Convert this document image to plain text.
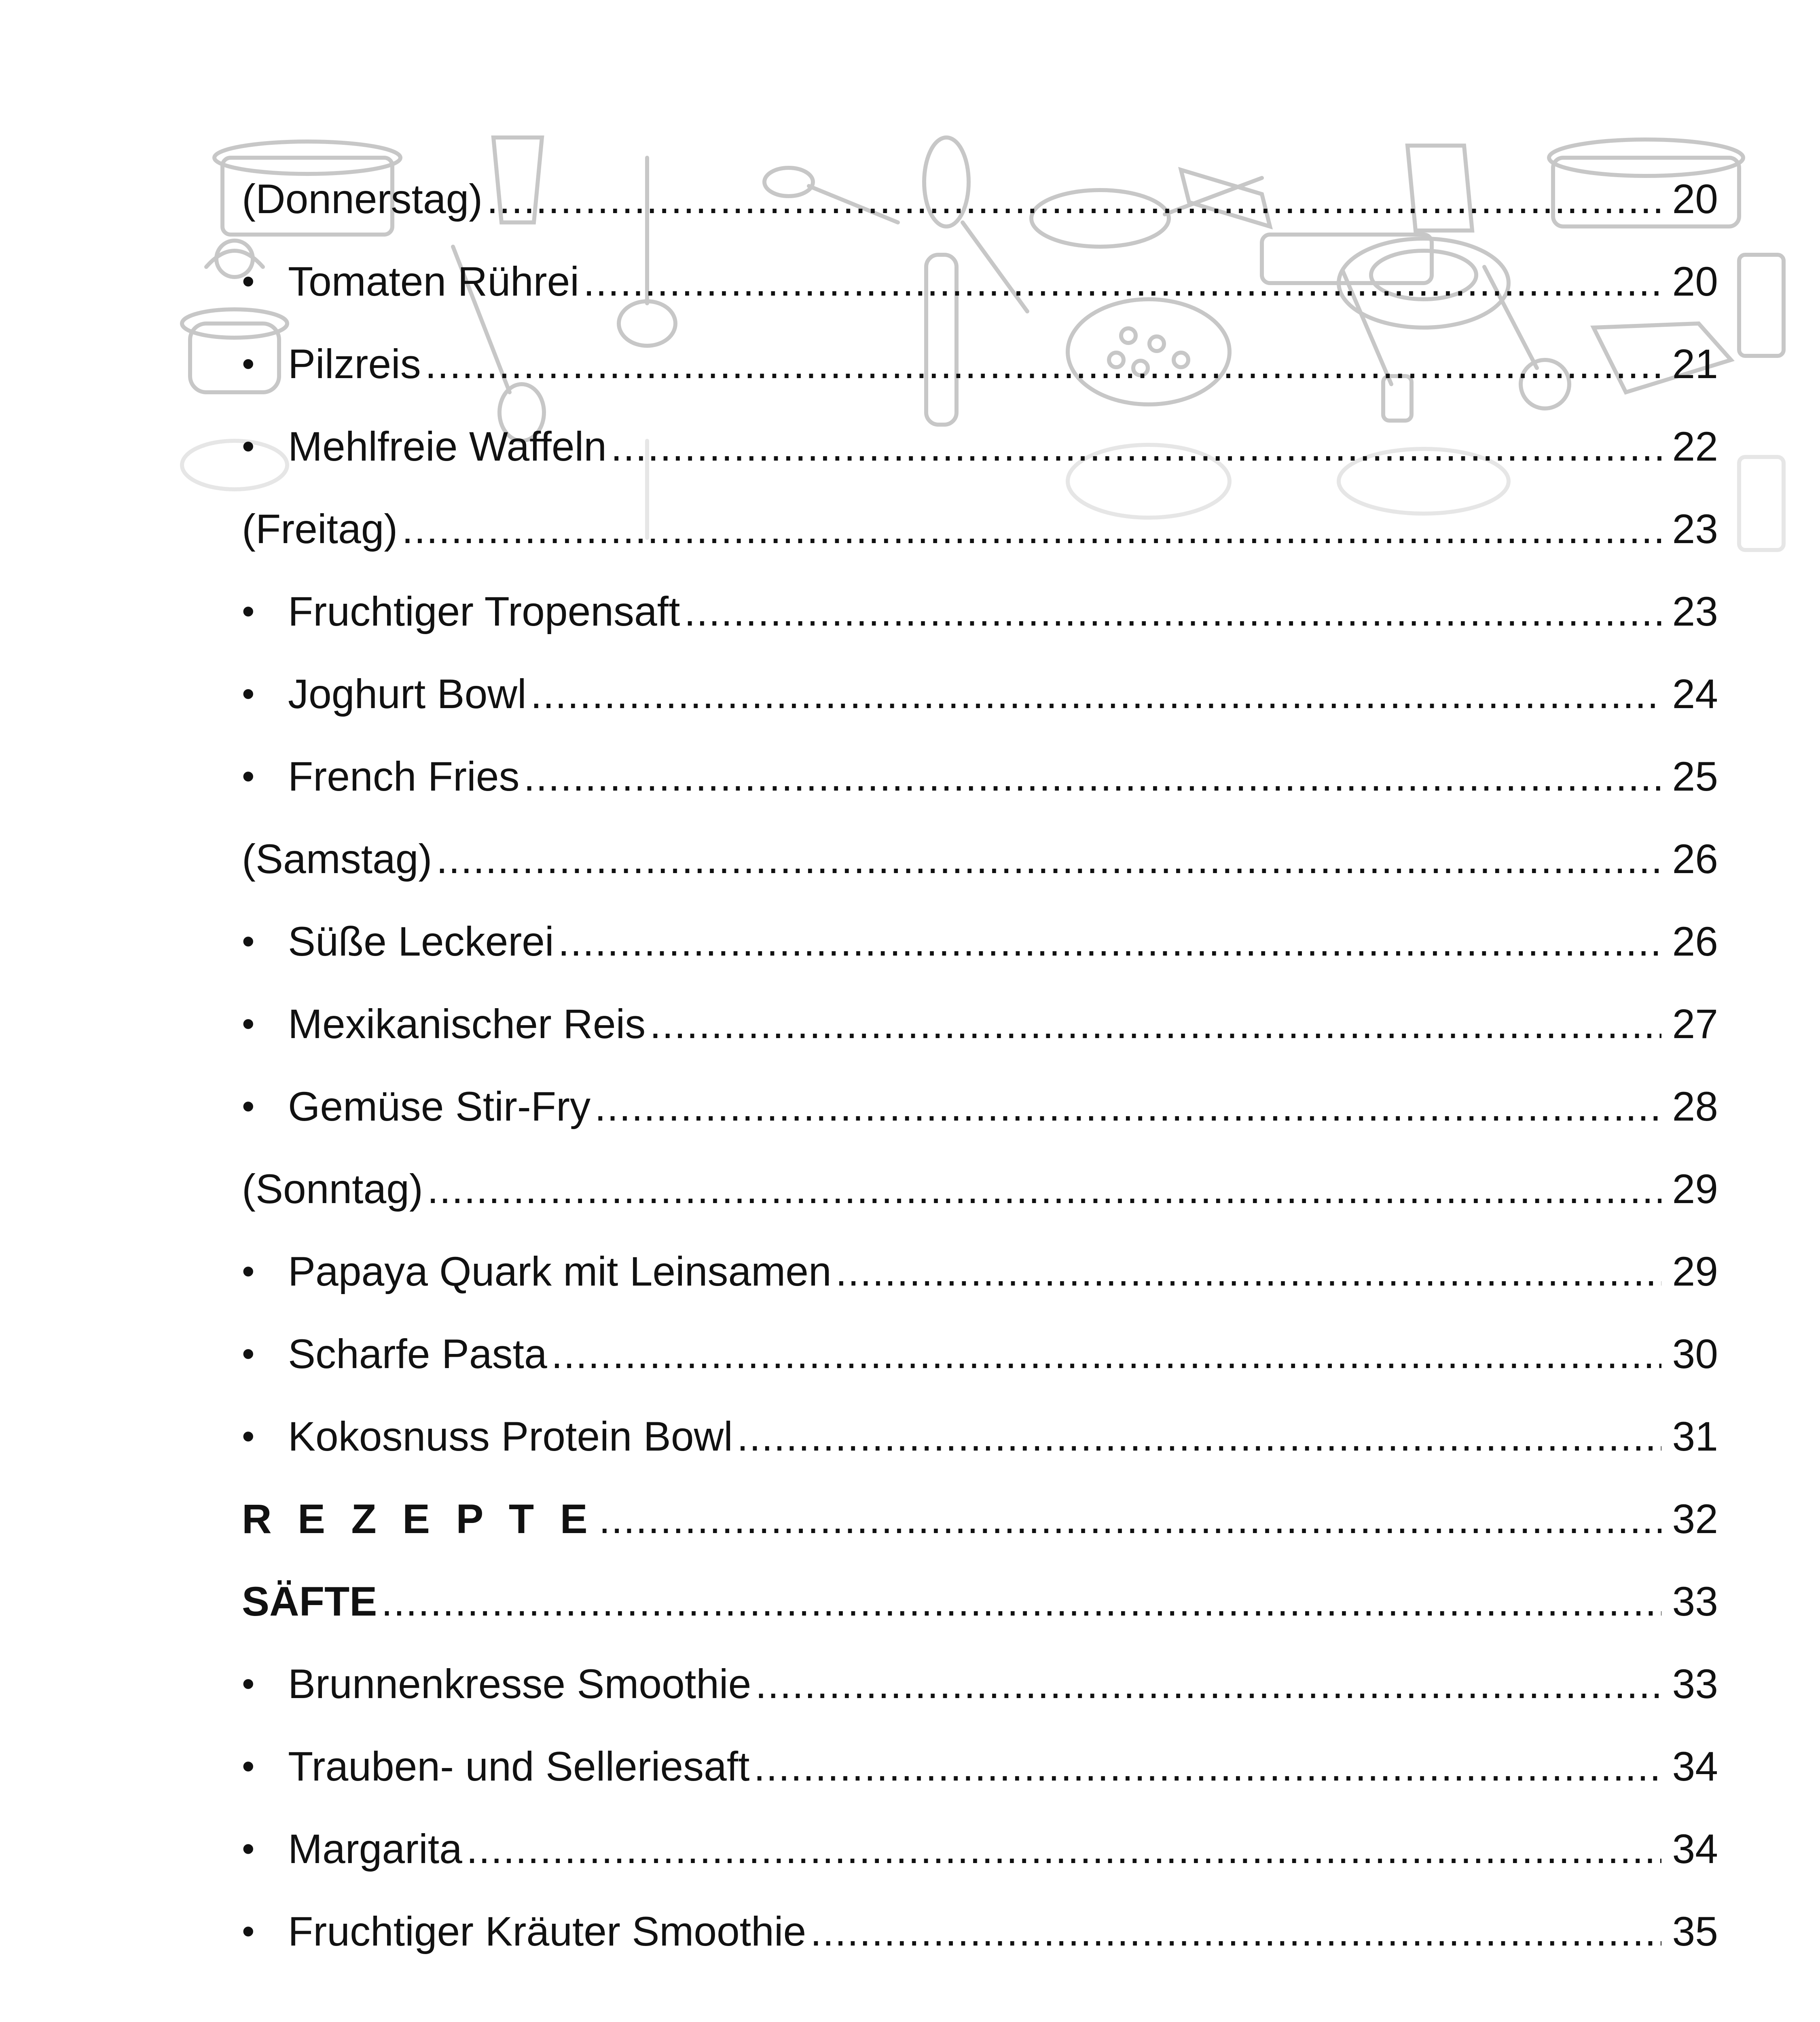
(Donnerstag) .....	20
• Tomaten Rührei .....	20
• Pilzreis .....	21
• Mehlfreie Waffeln .....	22
(Freitag) .....	23
• Fruchtiger Tropensaft .....	23
• Joghurt Bowl .....	24
• French Fries .....	25
(Samstag) .....	26
• Süße Leckerei .....	26
• Mexikanischer Reis .....	27
• Gemüse Stir-Fry .....	28
(Sonntag) .....	29
• Papaya Quark mit Leinsamen .....	29
• Scharfe Pasta .....	30
• Kokosnuss Protein Bowl .....	31
R E Z E P T E .....	32
SÄFTE .....	33
• Brunnenkresse Smoothie .....	33
• Trauben- und Selleriesaft .....	34
• Margarita .....	34
• Fruchtiger Kräuter Smoothie .....	35
